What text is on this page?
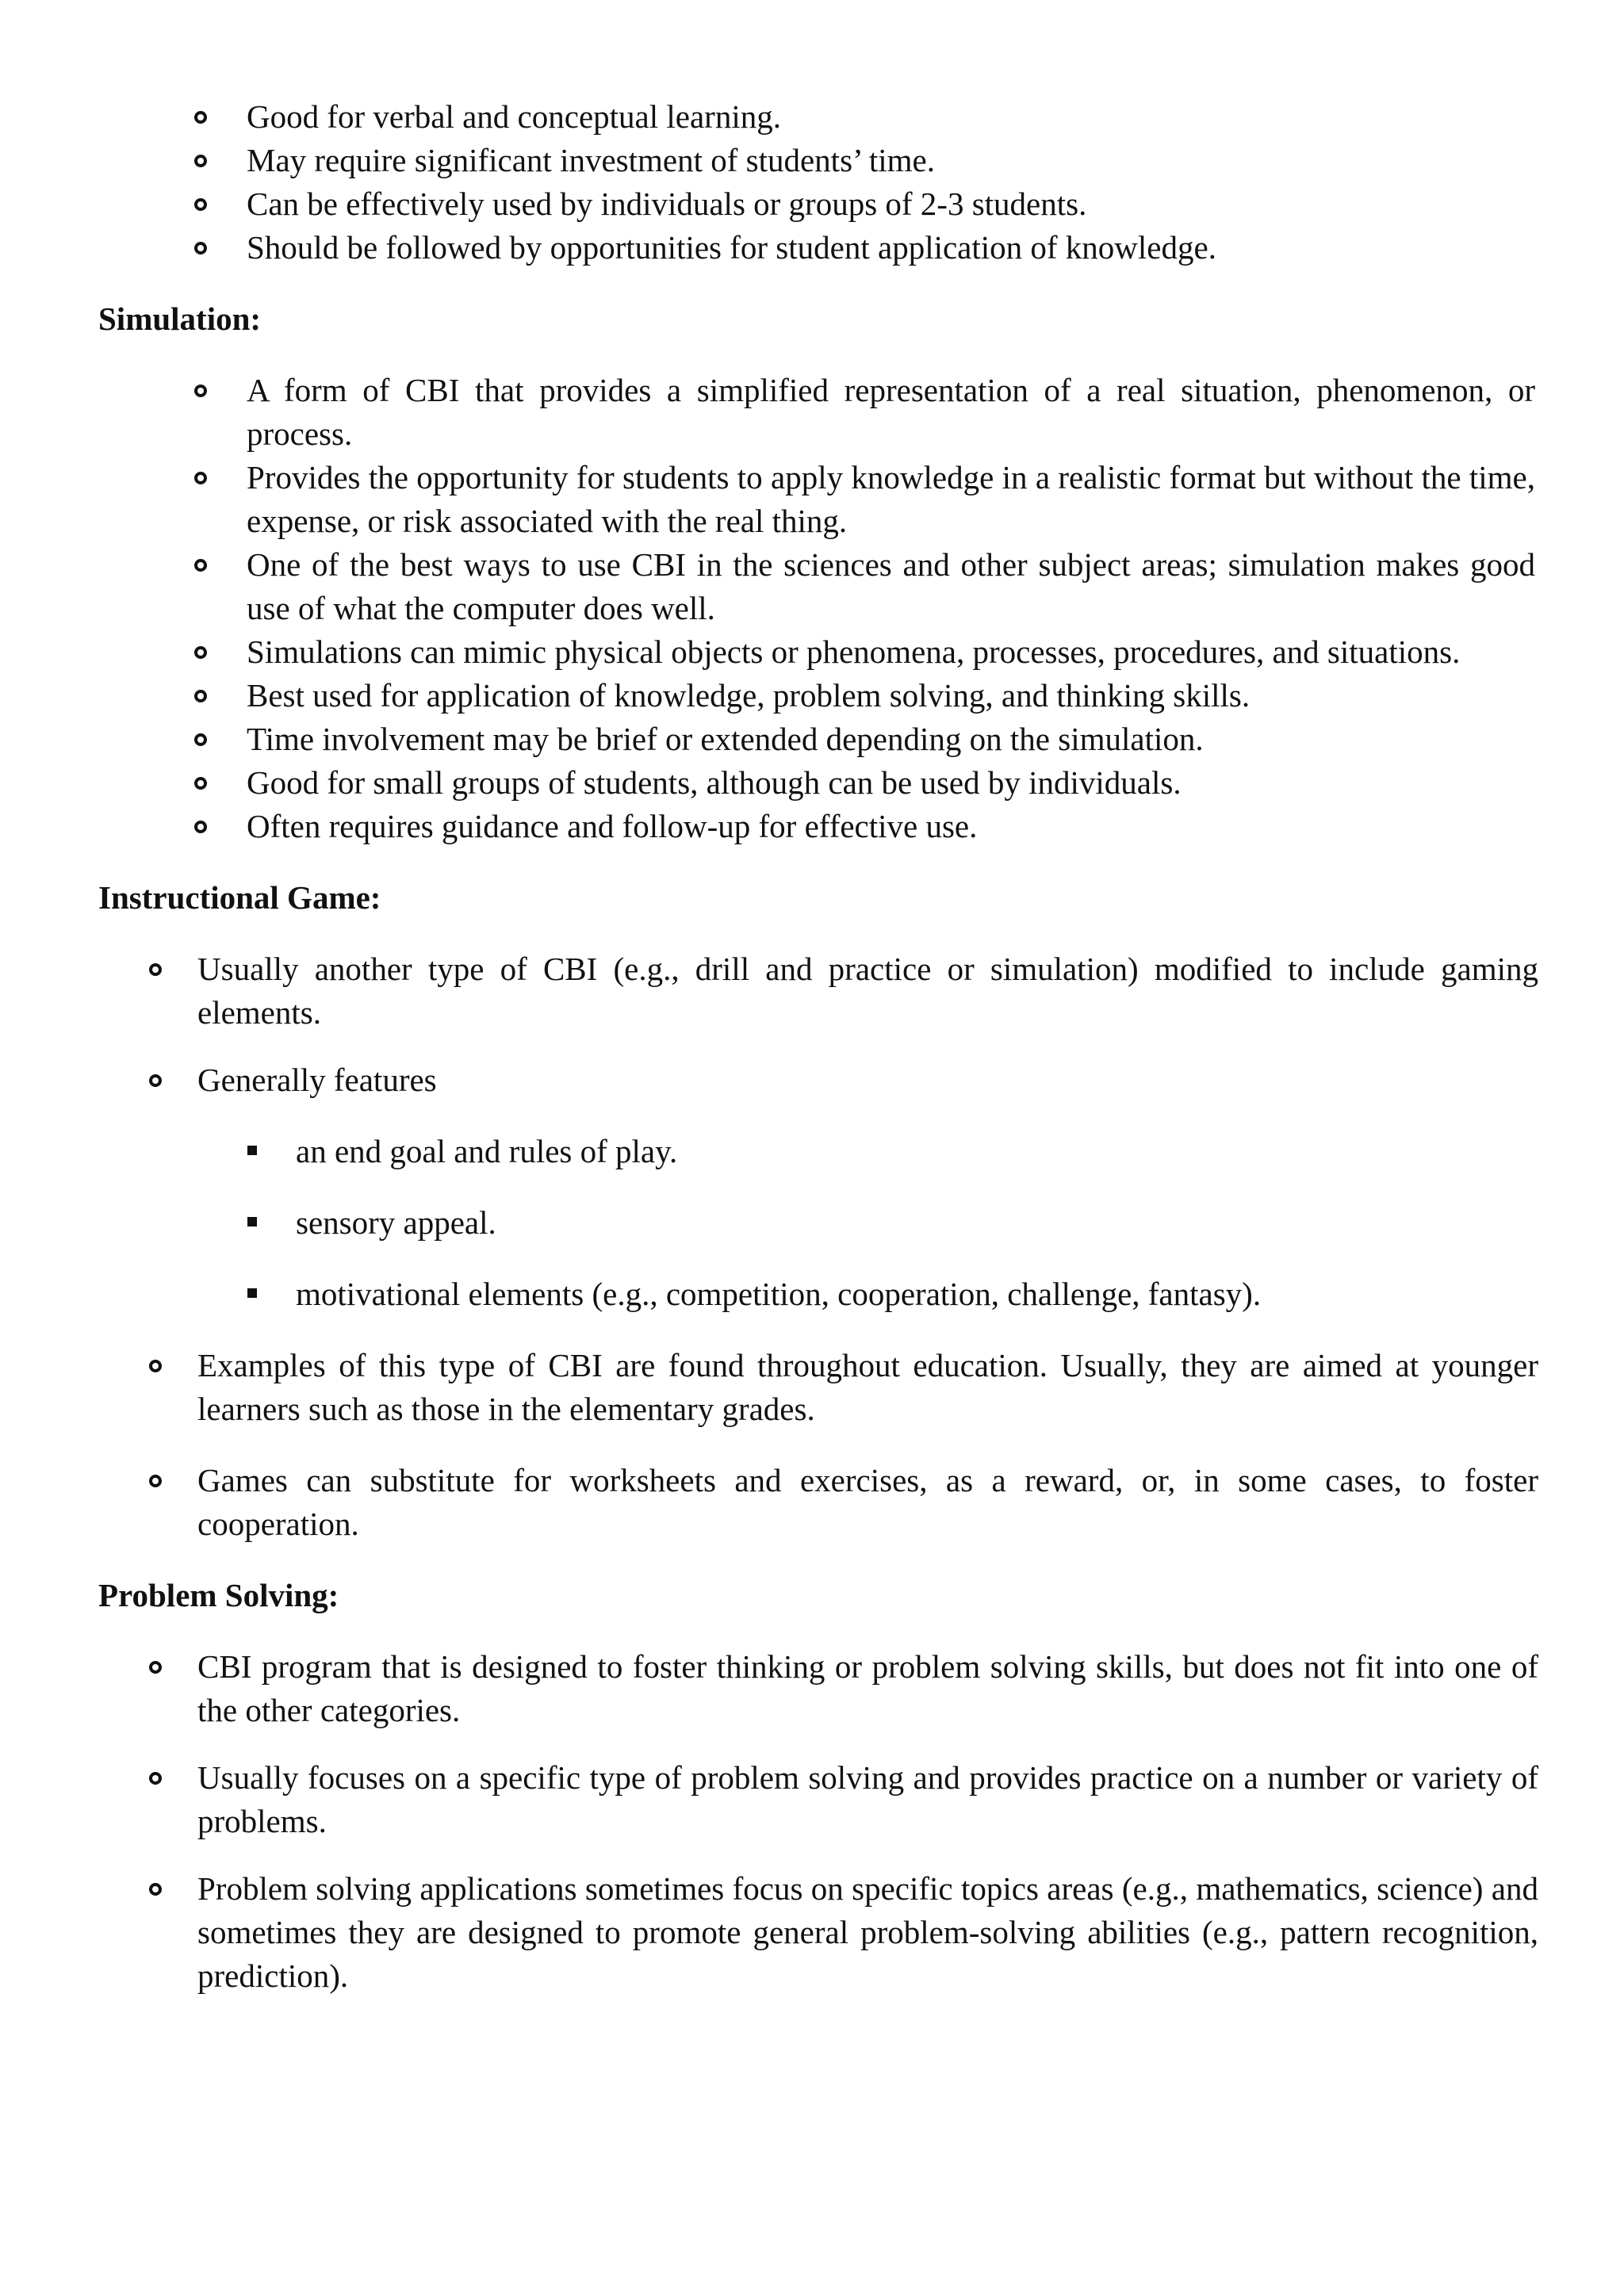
Good for verbal and conceptual learning.
May require significant investment of students’ time.
Can be effectively used by individuals or groups of 2-3 students.
Should be followed by opportunities for student application of knowledge.
Simulation:
A form of CBI that provides a simplified representation of a real situation, phenomenon, or process.
Provides the opportunity for students to apply knowledge in a realistic format but without the time, expense, or risk associated with the real thing.
One of the best ways to use CBI in the sciences and other subject areas; simulation makes good use of what the computer does well.
Simulations can mimic physical objects or phenomena, processes, procedures, and situations.
Best used for application of knowledge, problem solving, and thinking skills.
Time involvement may be brief or extended depending on the simulation.
Good for small groups of students, although can be used by individuals.
Often requires guidance and follow-up for effective use.
Instructional Game:
Usually another type of CBI (e.g., drill and practice or simulation) modified to include gaming elements.
Generally features
an end goal and rules of play.
sensory appeal.
motivational elements (e.g., competition, cooperation, challenge, fantasy).
Examples of this type of CBI are found throughout education. Usually, they are aimed at younger learners such as those in the elementary grades.
Games can substitute for worksheets and exercises, as a reward, or, in some cases, to foster cooperation.
Problem Solving:
CBI program that is designed to foster thinking or problem solving skills, but does not fit into one of the other categories.
Usually focuses on a specific type of problem solving and provides practice on a number or variety of problems.
Problem solving applications sometimes focus on specific topics areas (e.g., mathematics, science) and sometimes they are designed to promote general problem-solving abilities (e.g., pattern recognition, prediction).
